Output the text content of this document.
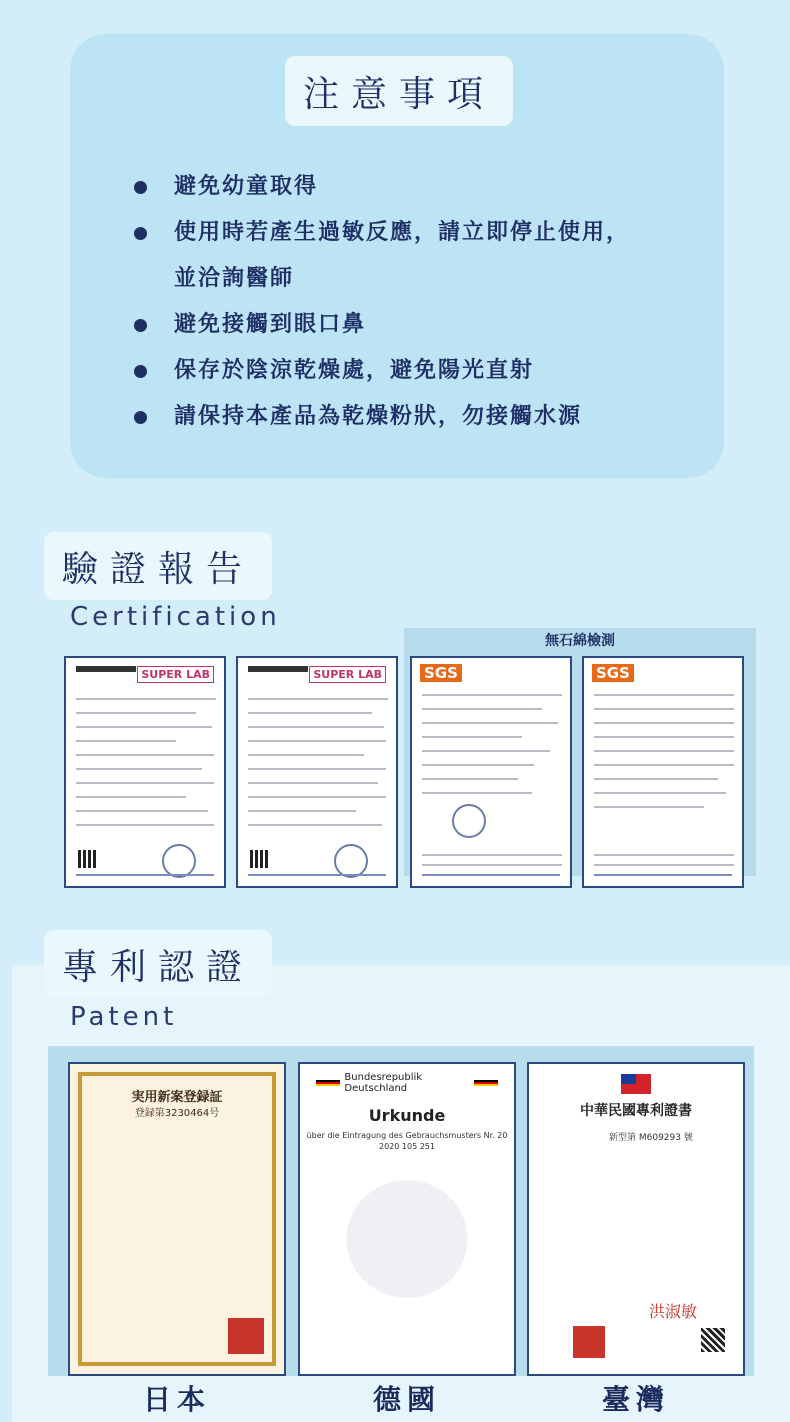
注意事項
避免幼童取得
使用時若產生過敏反應，請立即停止使用，
並洽詢醫師
避免接觸到眼口鼻
保存於陰涼乾燥處，避免陽光直射
請保持本產品為乾燥粉狀，勿接觸水源
驗證報告
Certification
無石綿檢測
SUPER LAB	SUPER LAB	SGS	SGS
專利認證
Patent
実用新案登録証
登録第3230464号
Bundesrepublik Deutschland
Urkunde
über die Eintragung des Gebrauchsmusters Nr. 20 2020 105 251
中華民國專利證書
新型第 M609293 號
洪淑敏
日本	德國	臺灣
